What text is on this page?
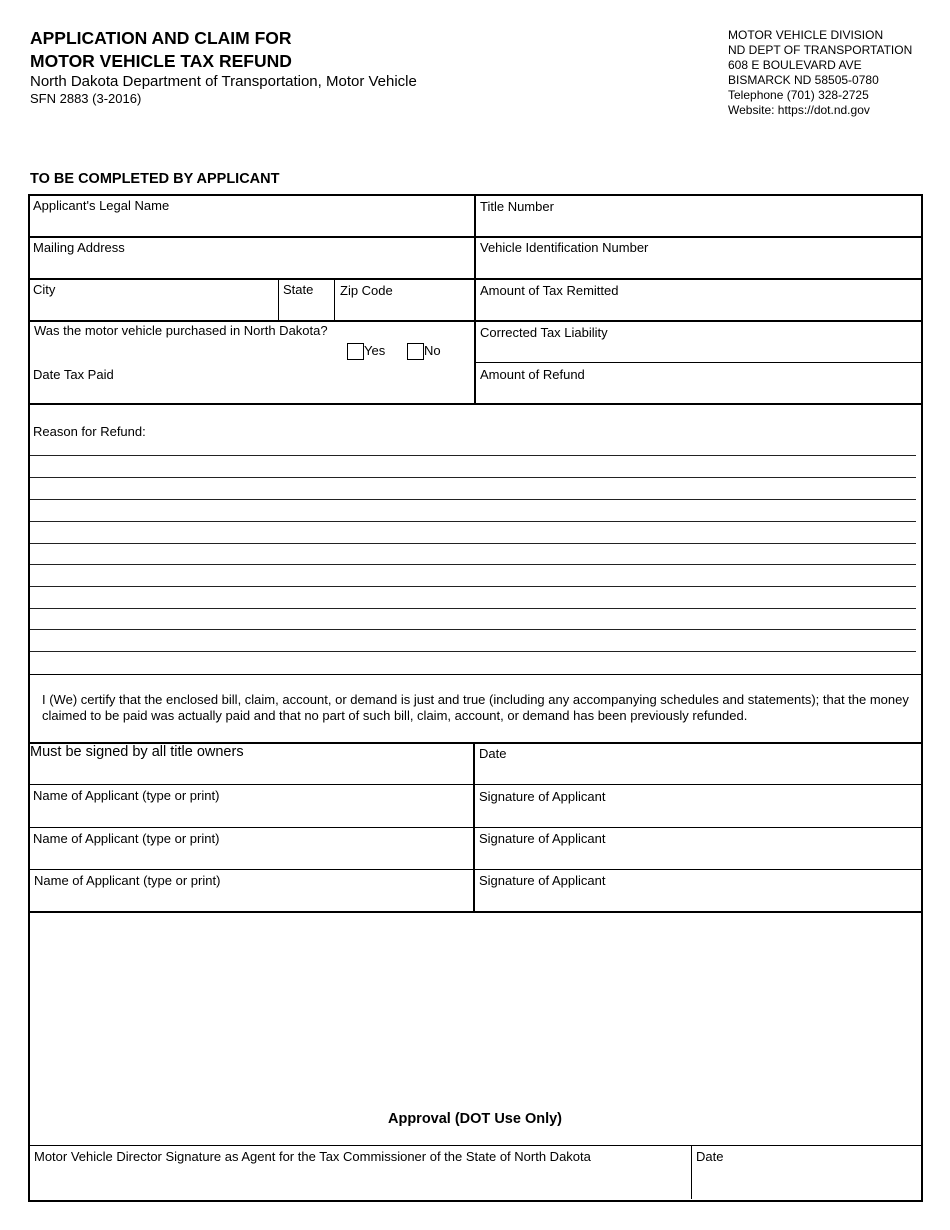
APPLICATION AND CLAIM FOR
MOTOR VEHICLE TAX REFUND
North Dakota Department of Transportation, Motor Vehicle
SFN 2883 (3-2016)
MOTOR VEHICLE DIVISION
ND DEPT OF TRANSPORTATION
608 E BOULEVARD AVE
BISMARCK ND 58505-0780
Telephone (701) 328-2725
Website: https://dot.nd.gov
TO BE COMPLETED BY APPLICANT
Applicant's Legal Name	Title Number
Mailing Address	Vehicle Identification Number
City	State Zip Code	Amount of Tax Remitted
Was the motor vehicle purchased in North Dakota?
Yes	No
Corrected Tax Liability
Date Tax Paid	Amount of Refund
Reason for Refund:
I (We) certify that the enclosed bill, claim, account, or demand is just and true (including any accompanying schedules and statements); that the money claimed to be paid was actually paid and that no part of such bill, claim, account, or demand has been previously refunded.
Must be signed by all title owners	Date
Name of Applicant (type or print)	Signature of Applicant
Name of Applicant (type or print)	Signature of Applicant
Name of Applicant (type or print)	Signature of Applicant
Approval (DOT Use Only)
Motor Vehicle Director Signature as Agent for the Tax Commissioner of the State of North Dakota	Date
